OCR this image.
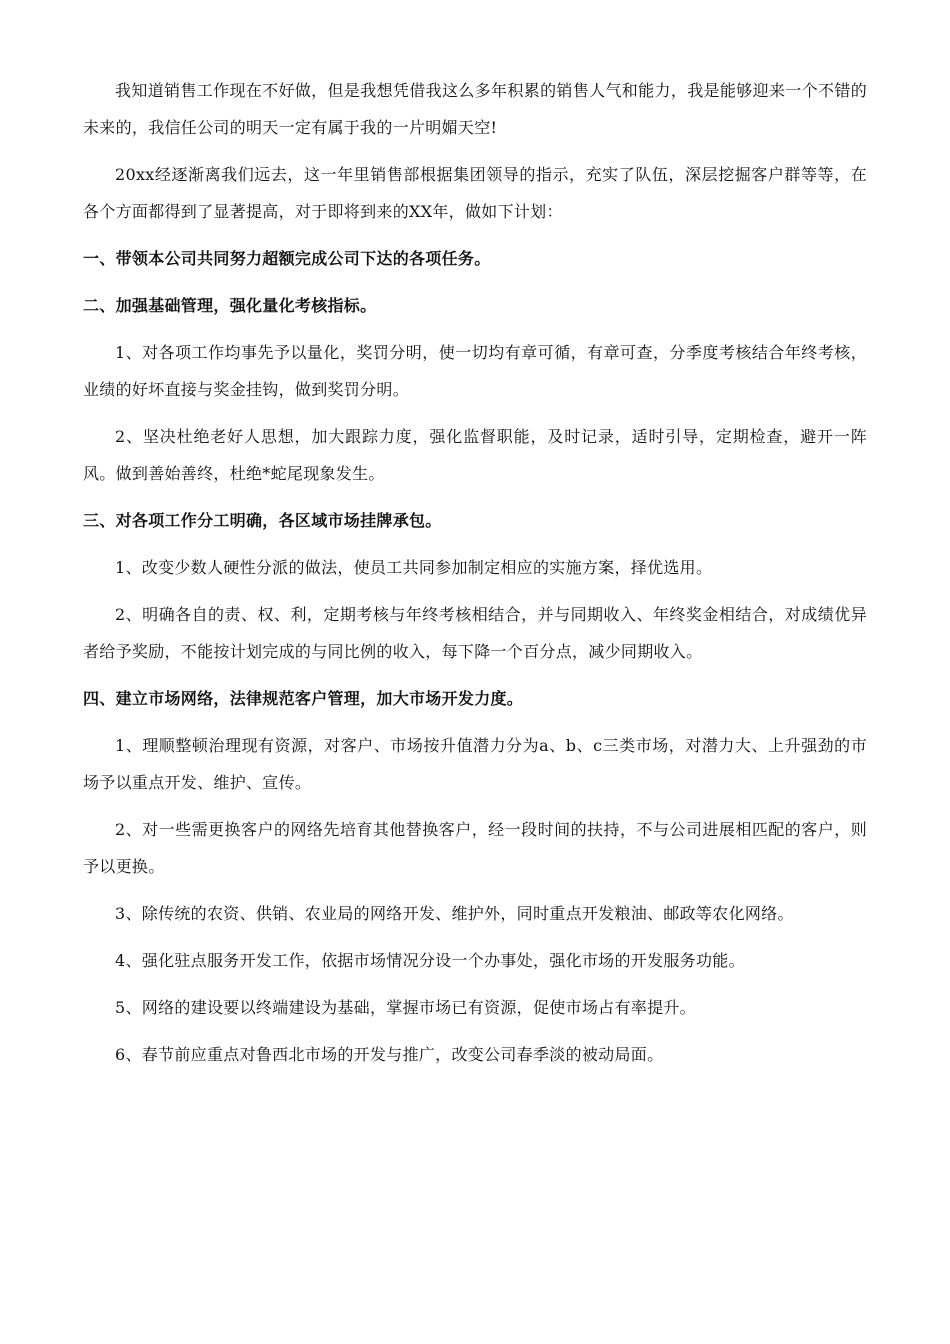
我知道销售工作现在不好做，但是我想凭借我这么多年积累的销售人气和能力，我是能够迎来一个不错的未来的，我信任公司的明天一定有属于我的一片明媚天空!

20xx经逐渐离我们远去，这一年里销售部根据集团领导的指示，充实了队伍，深层挖掘客户群等等，在各个方面都得到了显著提高，对于即将到来的XX年，做如下计划：

一、带领本公司共同努力超额完成公司下达的各项任务。

二、加强基础管理，强化量化考核指标。

1、对各项工作均事先予以量化，奖罚分明，使一切均有章可循，有章可查，分季度考核结合年终考核，业绩的好坏直接与奖金挂钩，做到奖罚分明。

2、坚决杜绝老好人思想，加大跟踪力度，强化监督职能，及时记录，适时引导，定期检查，避开一阵风。做到善始善终，杜绝*蛇尾现象发生。

三、对各项工作分工明确，各区域市场挂牌承包。

1、改变少数人硬性分派的做法，使员工共同参加制定相应的实施方案，择优选用。

2、明确各自的责、权、利，定期考核与年终考核相结合，并与同期收入、年终奖金相结合，对成绩优异者给予奖励，不能按计划完成的与同比例的收入，每下降一个百分点，减少同期收入。

四、建立市场网络，法律规范客户管理，加大市场开发力度。

1、理顺整顿治理现有资源，对客户、市场按升值潜力分为a、b、c三类市场，对潜力大、上升强劲的市场予以重点开发、维护、宣传。

2、对一些需更换客户的网络先培育其他替换客户，经一段时间的扶持，不与公司进展相匹配的客户，则予以更换。

3、除传统的农资、供销、农业局的网络开发、维护外，同时重点开发粮油、邮政等农化网络。

4、强化驻点服务开发工作，依据市场情况分设一个办事处，强化市场的开发服务功能。

5、网络的建设要以终端建设为基础，掌握市场已有资源，促使市场占有率提升。

6、春节前应重点对鲁西北市场的开发与推广，改变公司春季淡的被动局面。
